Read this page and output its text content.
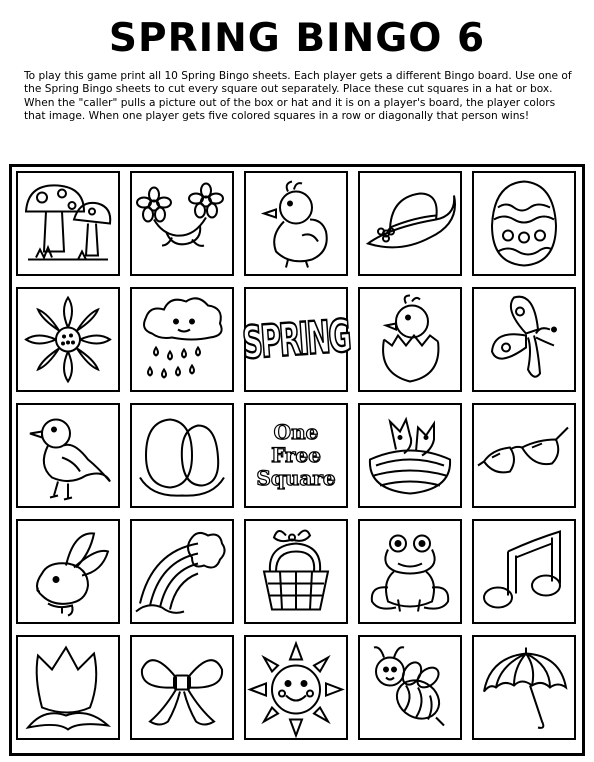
SPRING BINGO 6
To play this game print all 10 Spring Bingo sheets. Each player gets a different Bingo board. Use one of the Spring Bingo sheets to cut every square out separately. Place these cut squares in a hat or box. When the "caller" pulls a picture out of the box or hat and it is on a player's board, the player colors that image. When one player gets five colored squares in a row or diagonally that person wins!
SPRING
One
Free
Square
